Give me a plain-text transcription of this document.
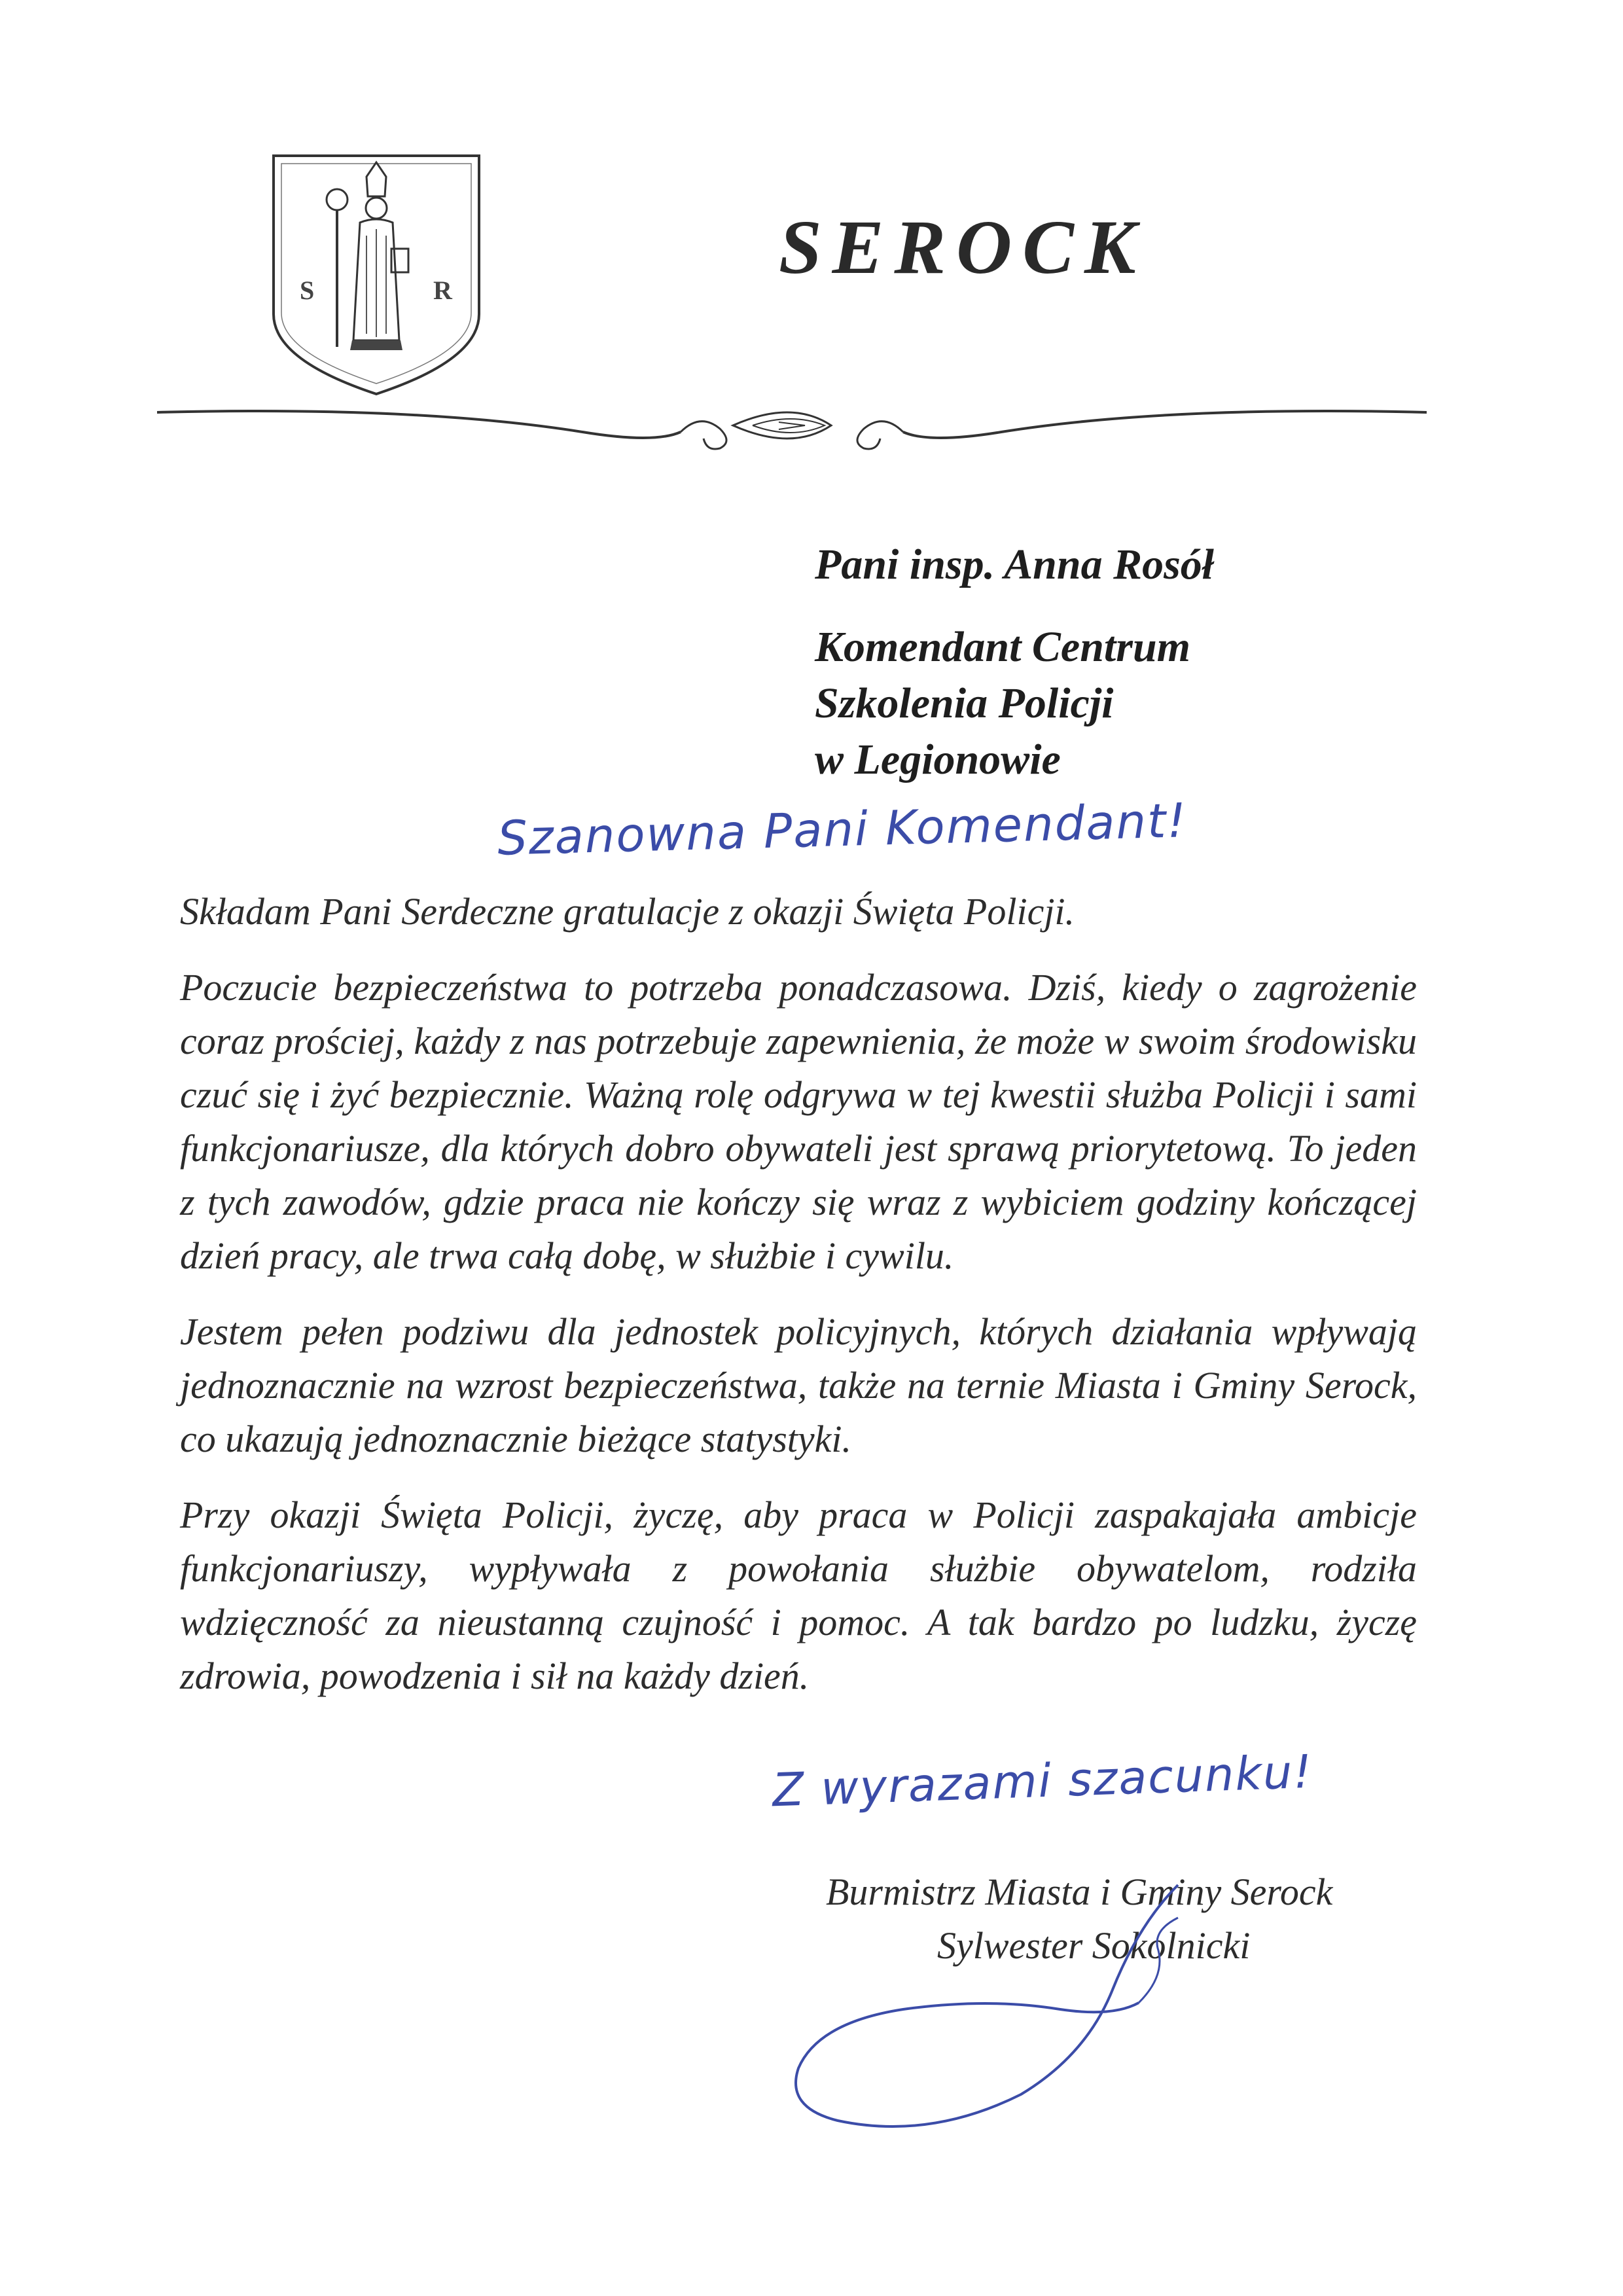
S	R
SEROCK
Pani insp. Anna Rosół
Komendant Centrum
Szkolenia Policji
w Legionowie
Szanowna Pani Komendant!

Składam Pani Serdeczne gratulacje z okazji Święta Policji.

Poczucie bezpieczeństwa to potrzeba ponadczasowa. Dziś, kiedy o zagrożenie coraz prościej, każdy z nas potrzebuje zapewnienia, że może w swoim środowisku czuć się i żyć bezpiecznie. Ważną rolę odgrywa w tej kwestii służba Policji i sami funkcjonariusze, dla których dobro obywateli jest sprawą priorytetową. To jeden z tych zawodów, gdzie praca nie kończy się wraz z wybiciem godziny kończącej dzień pracy, ale trwa całą dobę, w służbie i cywilu.

Jestem pełen podziwu dla jednostek policyjnych, których działania wpływają jednoznacznie na wzrost bezpieczeństwa, także na ternie Miasta i Gminy Serock, co ukazują jednoznacznie bieżące statystyki.

Przy okazji Święta Policji, życzę, aby praca w Policji zaspakajała ambicje funkcjonariuszy, wypływała z powołania służbie obywatelom, rodziła wdzięczność za nieustanną czujność i pomoc. A tak bardzo po ludzku, życzę zdrowia, powodzenia i sił na każdy dzień.

Z wyrazami szacunku!
Burmistrz Miasta i Gminy Serock
Sylwester Sokolnicki
